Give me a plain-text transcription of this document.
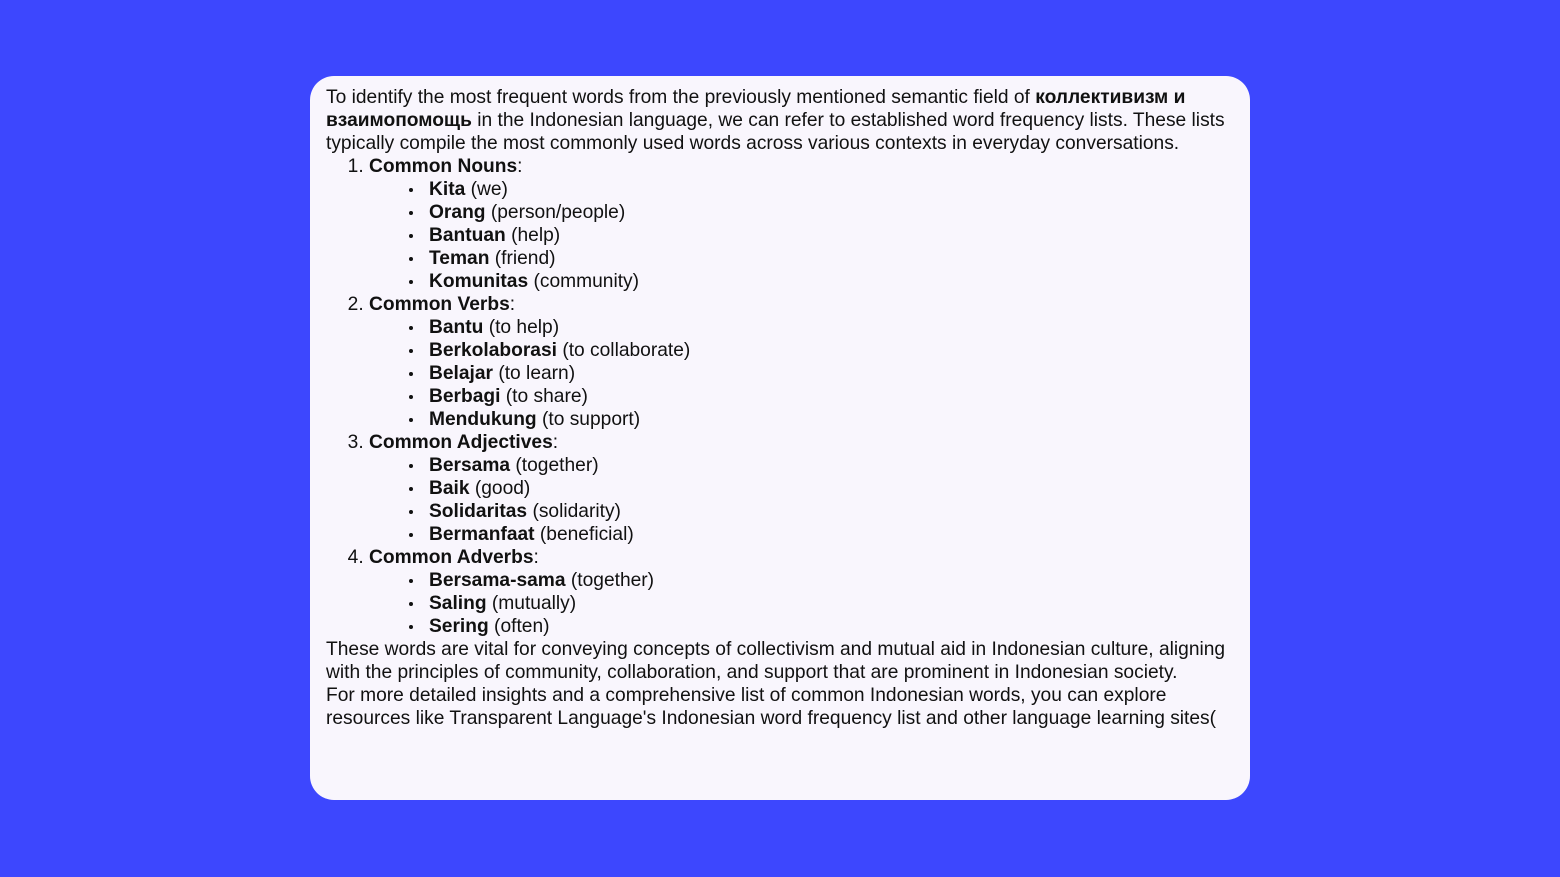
To identify the most frequent words from the previously mentioned semantic field of коллективизм и взаимопомощь in the Indonesian language, we can refer to established word frequency lists. These lists typically compile the most commonly used words across various contexts in everyday conversations.

1. Common Nouns:
Kita (we)
Orang (person/people)
Bantuan (help)
Teman (friend)
Komunitas (community)
2. Common Verbs:
Bantu (to help)
Berkolaborasi (to collaborate)
Belajar (to learn)
Berbagi (to share)
Mendukung (to support)
3. Common Adjectives:
Bersama (together)
Baik (good)
Solidaritas (solidarity)
Bermanfaat (beneficial)
4. Common Adverbs:
Bersama-sama (together)
Saling (mutually)
Sering (often)

These words are vital for conveying concepts of collectivism and mutual aid in Indonesian culture, aligning with the principles of community, collaboration, and support that are prominent in Indonesian society.

For more detailed insights and a comprehensive list of common Indonesian words, you can explore resources like Transparent Language's Indonesian word frequency list and other language learning sites(
